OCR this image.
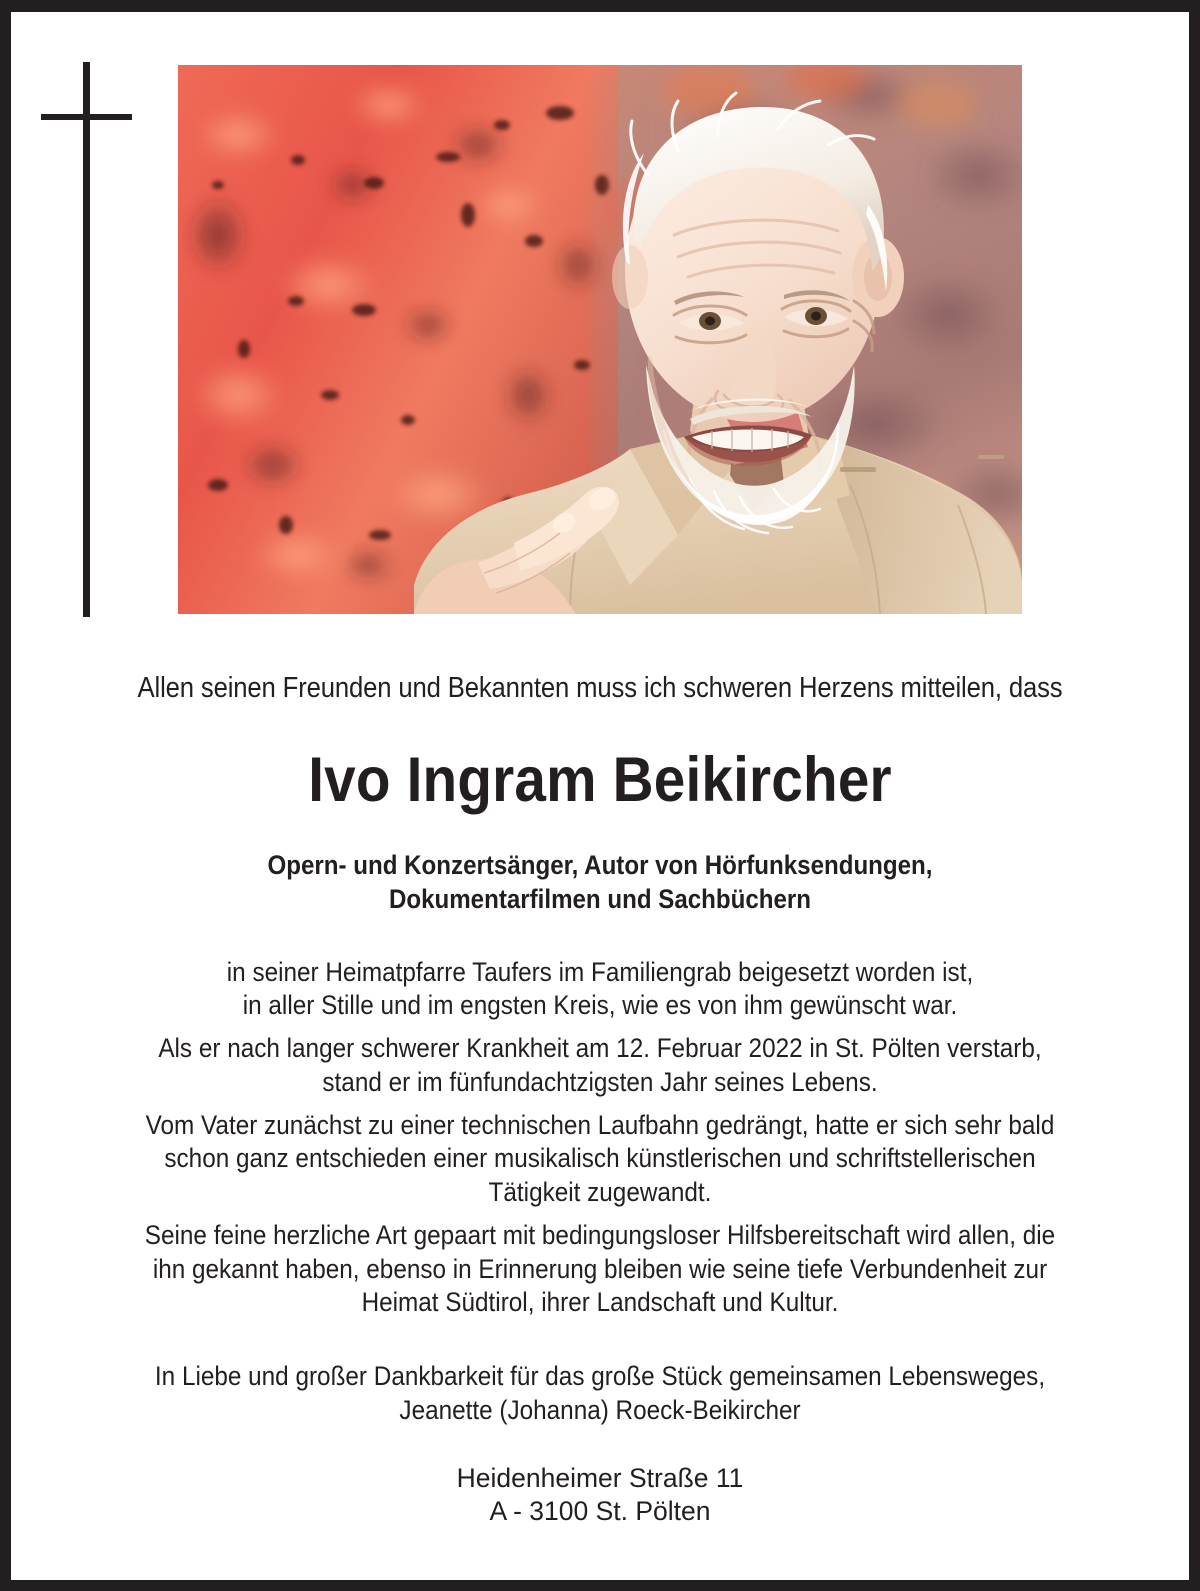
Allen seinen Freunden und Bekannten muss ich schweren Herzens mitteilen, dass

Ivo Ingram Beikircher
Opern- und Konzertsänger, Autor von Hörfunksendungen,
Dokumentarfilmen und Sachbüchern
in seiner Heimatpfarre Taufers im Familiengrab beigesetzt worden ist,
in aller Stille und im engsten Kreis, wie es von ihm gewünscht war.
Als er nach langer schwerer Krankheit am 12. Februar 2022 in St. Pölten verstarb,
stand er im fünfundachtzigsten Jahr seines Lebens.
Vom Vater zunächst zu einer technischen Laufbahn gedrängt, hatte er sich sehr bald
schon ganz entschieden einer musikalisch künstlerischen und schriftstellerischen
Tätigkeit zugewandt.
Seine feine herzliche Art gepaart mit bedingungsloser Hilfsbereitschaft wird allen, die
ihn gekannt haben, ebenso in Erinnerung bleiben wie seine tiefe Verbundenheit zur
Heimat Südtirol, ihrer Landschaft und Kultur.
In Liebe und großer Dankbarkeit für das große Stück gemeinsamen Lebensweges,
Jeanette (Johanna) Roeck-Beikircher
Heidenheimer Straße 11
A - 3100 St. Pölten
